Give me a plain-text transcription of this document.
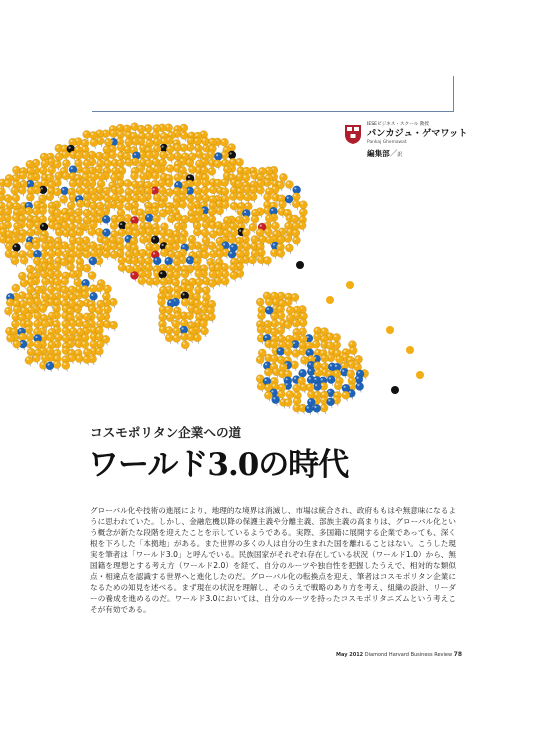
IESEビジネス・スクール 教授
パンカジュ・ゲマワット
Pankaj Ghemawat
編集部／訳
コスモポリタン企業への道
ワールド3.0の時代
グローバル化や技術の進展により、地理的な境界は消滅し、市場は統合され、政府ももはや無意味になるように思われていた。しかし、金融危機以降の保護主義や分離主義、部族主義の高まりは、グローバル化という概念が新たな段階を迎えたことを示しているようである。実際、多国籍に展開する企業であっても、深く根を下ろした「本拠地」がある。また世界の多くの人は自分の生まれた国を離れることはない。こうした現実を筆者は「ワールド3.0」と呼んでいる。民族国家がそれぞれ存在している状況（ワールド1.0）から、無国籍を理想とする考え方（ワールド2.0）を経て、自分のルーツや独自性を把握したうえで、相対的な類似点・相違点を認識する世界へと進化したのだ。グローバル化の転換点を迎え、筆者はコスモポリタン企業になるための知見を述べる。まず現在の状況を理解し、そのうえで戦略のあり方を考え、組織の設計、リーダーの養成を進めるのだ。ワールド3.0においては、自分のルーツを持ったコスモポリタニズムという考えこそが有効である。
May 2012 Diamond Harvard Business Review 78
